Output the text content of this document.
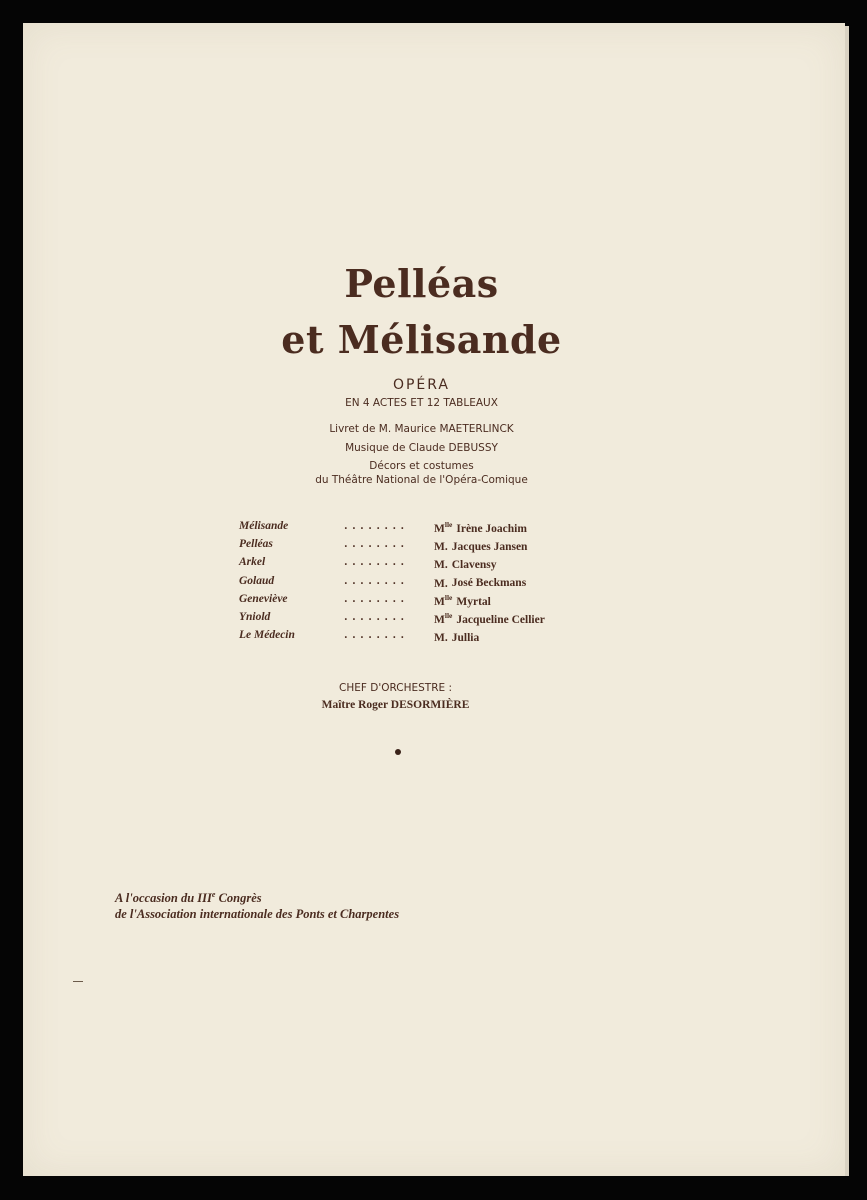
Pelléas
et Mélisande

OPÉRA

EN 4 ACTES ET 12 TABLEAUX

Livret de M. Maurice MAETERLINCK

Musique de Claude DEBUSSY

Décors et costumes

du Théâtre National de l'Opéra-Comique

........
Mélisande	$M^{lle}$ Irène Joachim
........
Pelléas	M. Jacques Jansen
........
Arkel	M. Clavensy
........
Golaud	M. José Beckmans
........
Geneviève	$M^{lle}$ Myrtal
........
Yniold	$M^{lle}$ Jacqueline Cellier
........
Le Médecin	M. Jullia
CHEF D'ORCHESTRE :
Maître Roger DESORMIÈRE

A l'occasion du IIIe Congrès

de l'Association internationale des Ponts et Charpentes
